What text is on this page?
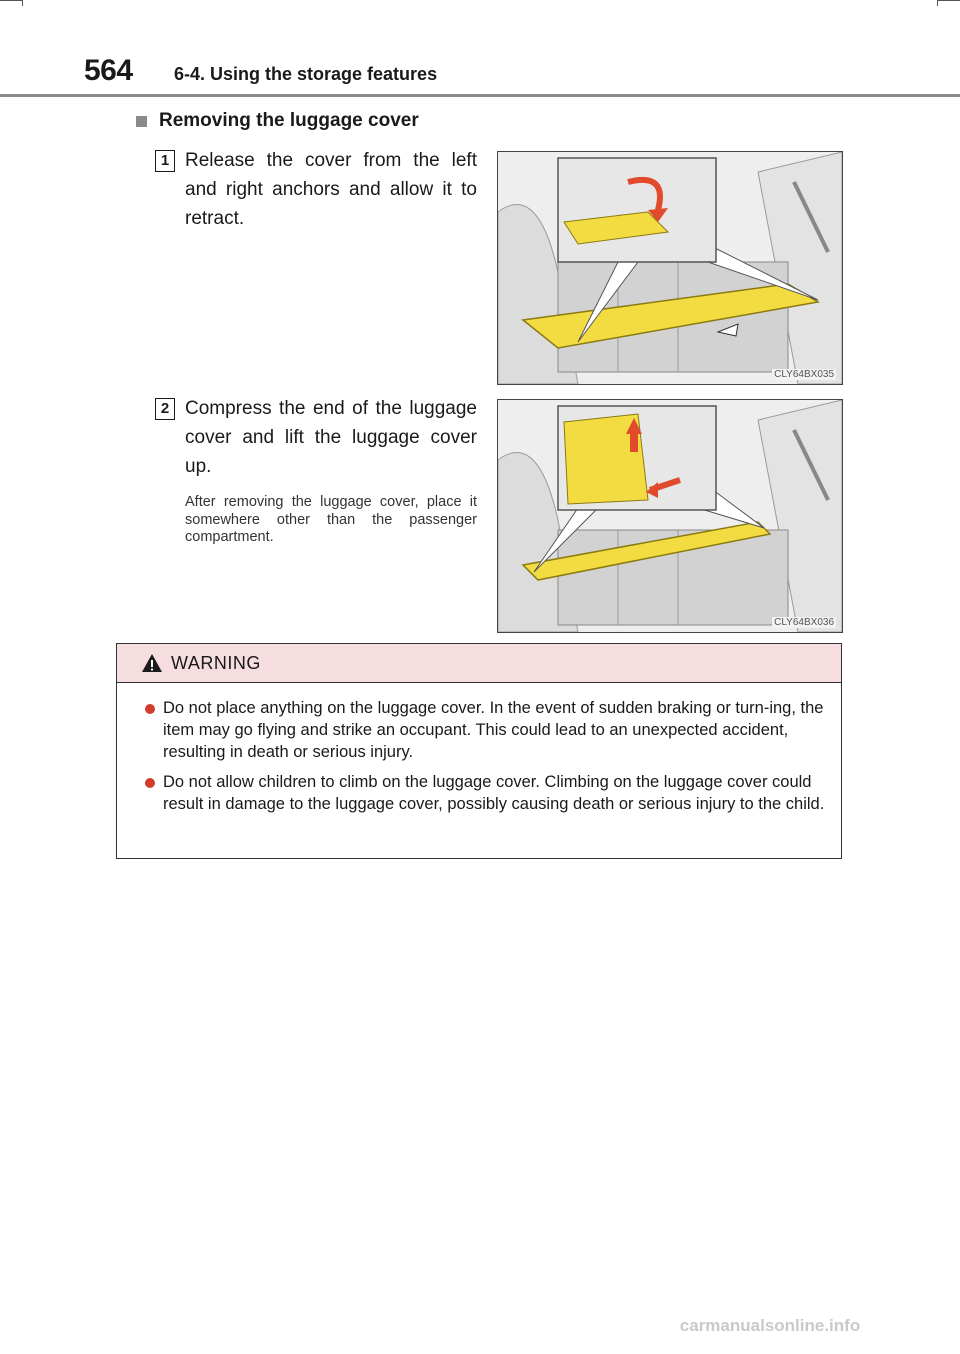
564 6-4. Using the storage features
Removing the luggage cover
1 Release the cover from the left and right anchors and allow it to retract.
CLY64BX035
2 Compress the end of the luggage cover and lift the luggage cover up.
After removing the luggage cover, place it somewhere other than the passenger compartment.
CLY64BX036
WARNING
Do not place anything on the luggage cover. In the event of sudden braking or turn-ing, the item may go flying and strike an occupant. This could lead to an unexpected accident, resulting in death or serious injury.
Do not allow children to climb on the luggage cover. Climbing on the luggage cover could result in damage to the luggage cover, possibly causing death or serious injury to the child.
carmanualsonline.info
